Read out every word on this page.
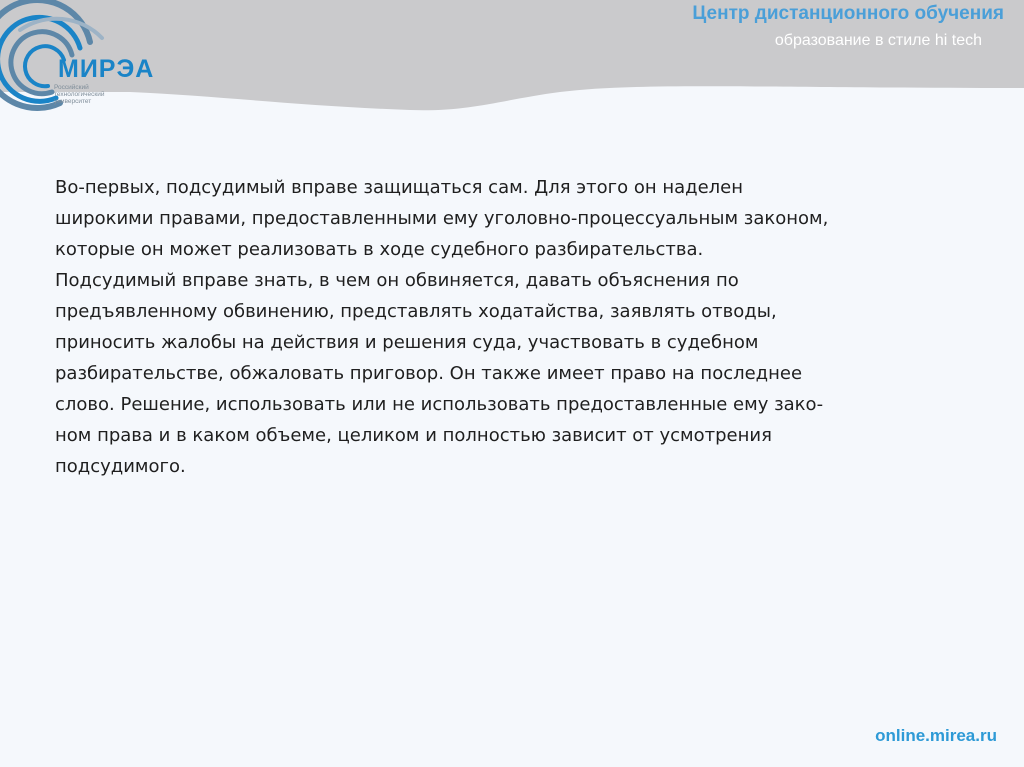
МИРЭА
Российский
технологический
университет
Центр дистанционного обучения
образование в стиле hi tech

Во-первых, подсудимый вправе защищаться сам. Для этого он наделен
широкими правами, предоставленными ему уголовно-процессуальным законом,
которые он может реализовать в ходе судебного разбирательства.
Подсудимый вправе знать, в чем он обвиняется, давать объяснения по
предъявленному обвинению, представлять ходатайства, заявлять отводы,
приносить жалобы на действия и решения суда, участвовать в судебном
разбирательстве, обжаловать приговор. Он также имеет право на последнее
слово. Решение, использовать или не использовать предоставленные ему зако-
ном права и в каком объеме, целиком и полностью зависит от усмотрения
подсудимого.

online.mirea.ru
